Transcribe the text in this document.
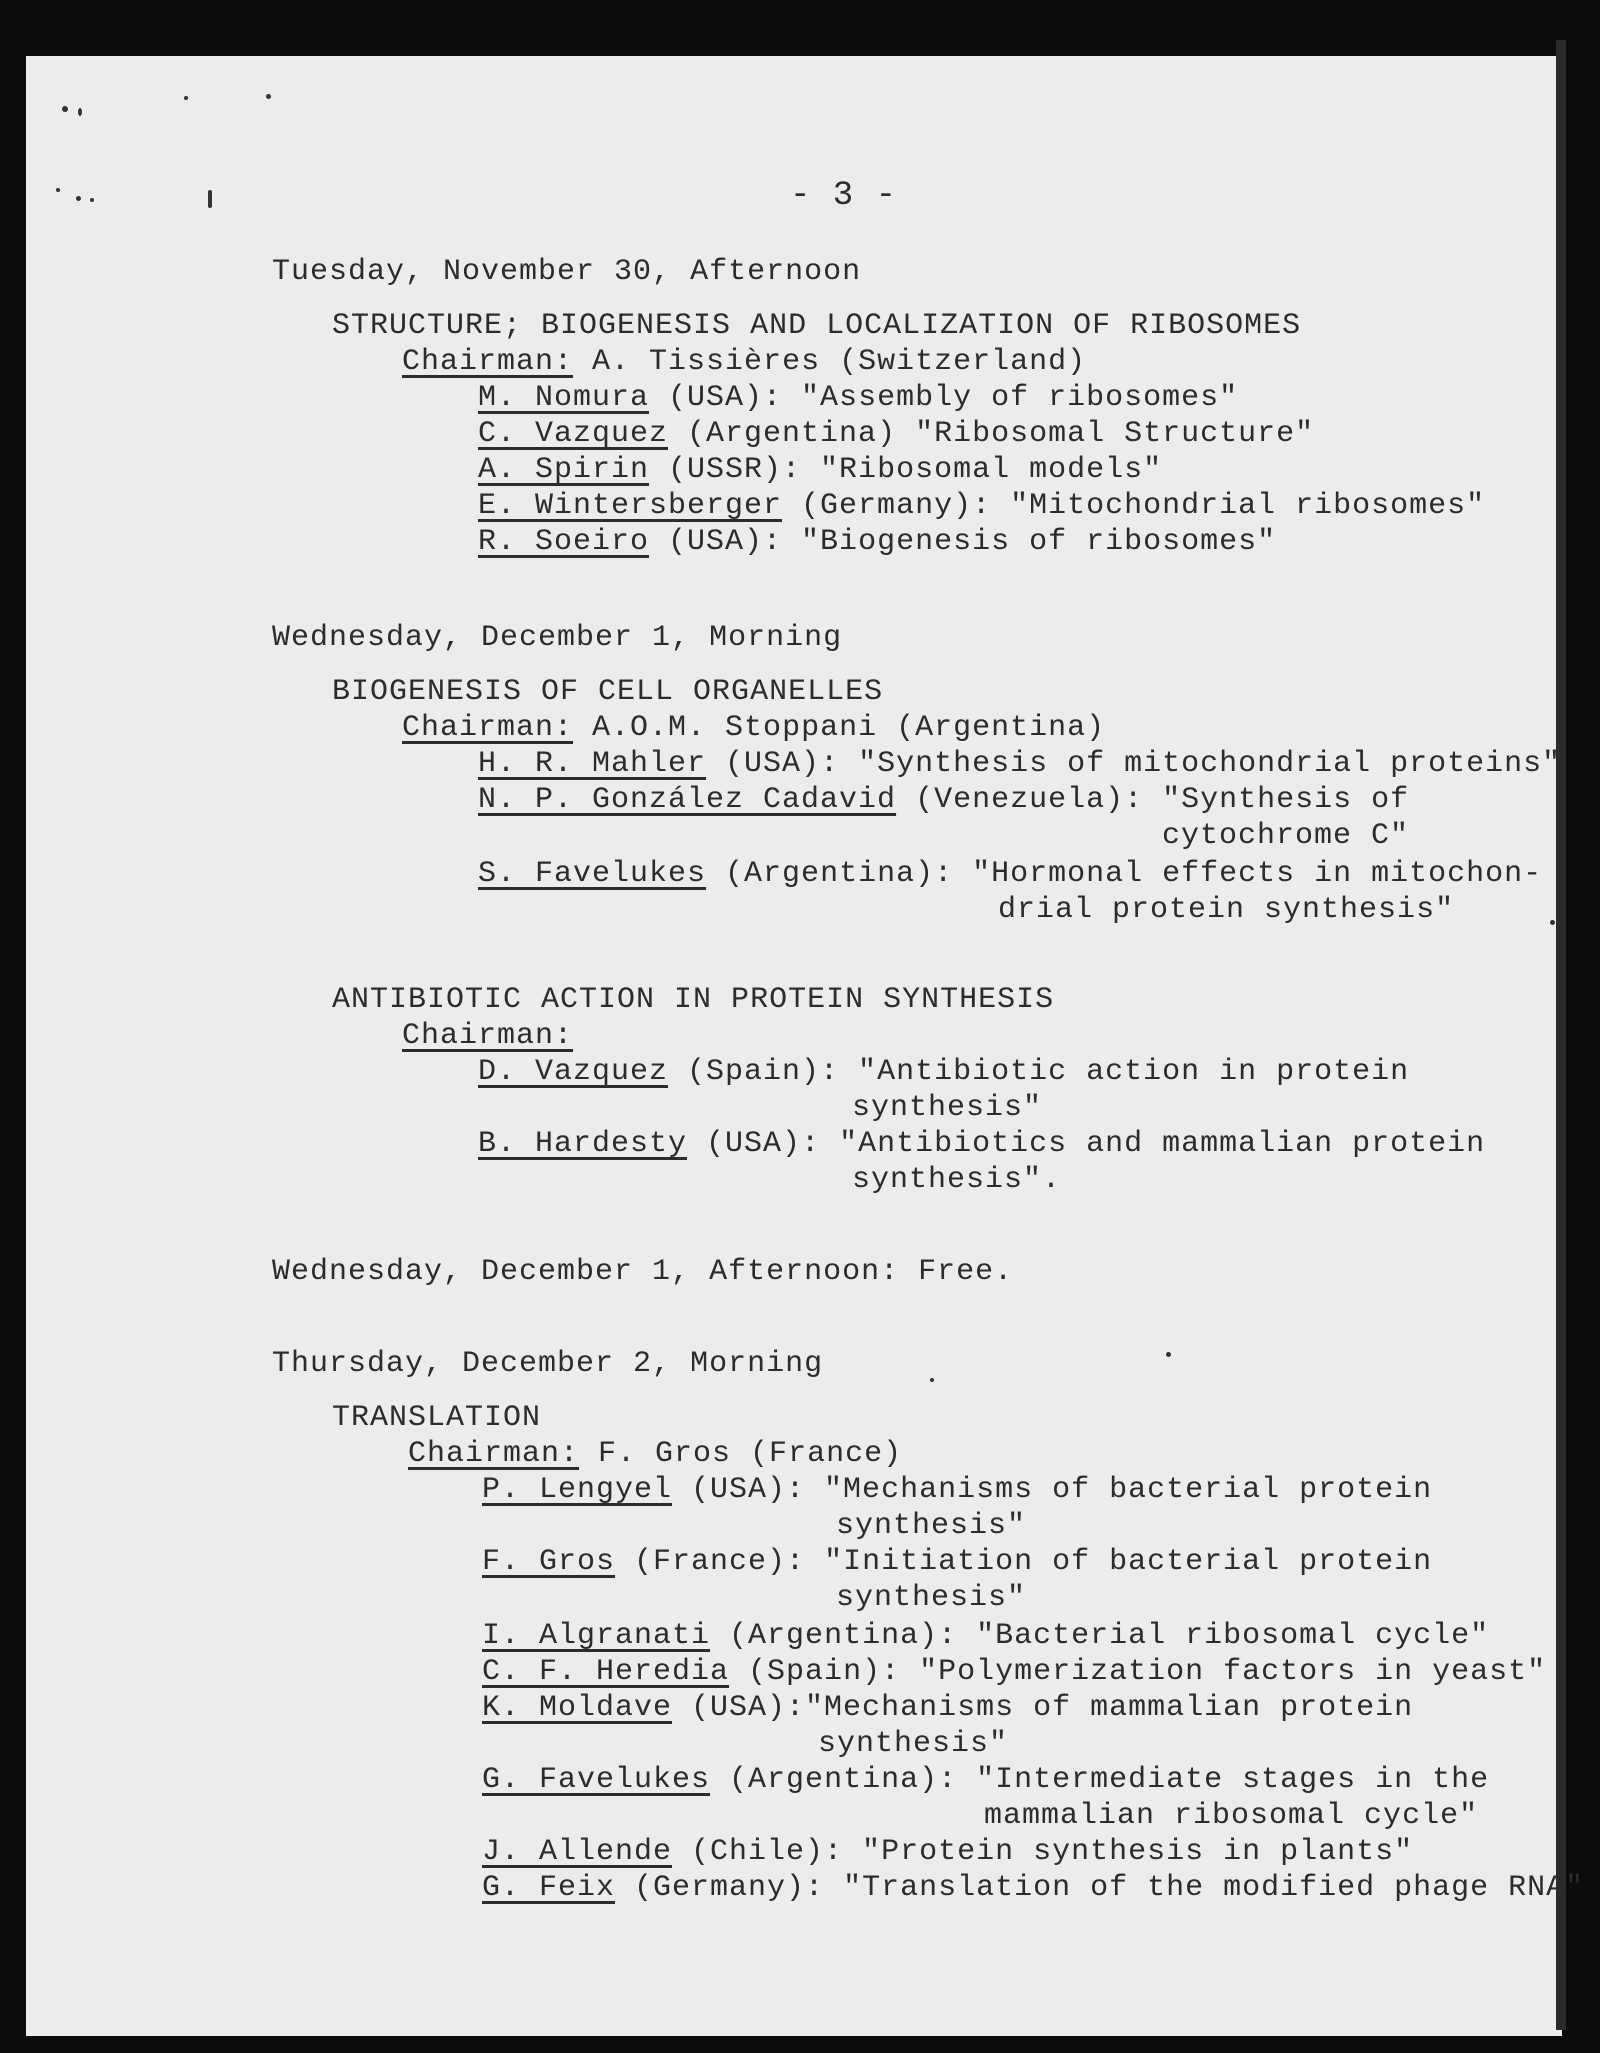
- 3 -
Tuesday, November 30, Afternoon
STRUCTURE; BIOGENESIS AND LOCALIZATION OF RIBOSOMES
Chairman: A. Tissières (Switzerland)
M. Nomura (USA): "Assembly of ribosomes"
C. Vazquez (Argentina) "Ribosomal Structure"
A. Spirin (USSR): "Ribosomal models"
E. Wintersberger (Germany): "Mitochondrial ribosomes"
R. Soeiro (USA): "Biogenesis of ribosomes"
Wednesday, December 1, Morning
BIOGENESIS OF CELL ORGANELLES
Chairman: A.O.M. Stoppani (Argentina)
H. R. Mahler (USA): "Synthesis of mitochondrial proteins"
N. P. González Cadavid (Venezuela): "Synthesis of
cytochrome C"
S. Favelukes (Argentina): "Hormonal effects in mitochon-
drial protein synthesis"
ANTIBIOTIC ACTION IN PROTEIN SYNTHESIS
Chairman:
D. Vazquez (Spain): "Antibiotic action in protein
synthesis"
B. Hardesty (USA): "Antibiotics and mammalian protein
synthesis".
Wednesday, December 1, Afternoon: Free.
Thursday, December 2, Morning
TRANSLATION
Chairman: F. Gros (France)
P. Lengyel (USA): "Mechanisms of bacterial protein
synthesis"
F. Gros (France): "Initiation of bacterial protein
synthesis"
I. Algranati (Argentina): "Bacterial ribosomal cycle"
C. F. Heredia (Spain): "Polymerization factors in yeast"
K. Moldave (USA):"Mechanisms of mammalian protein
synthesis"
G. Favelukes (Argentina): "Intermediate stages in the
mammalian ribosomal cycle"
J. Allende (Chile): "Protein synthesis in plants"
G. Feix (Germany): "Translation of the modified phage RNA"
